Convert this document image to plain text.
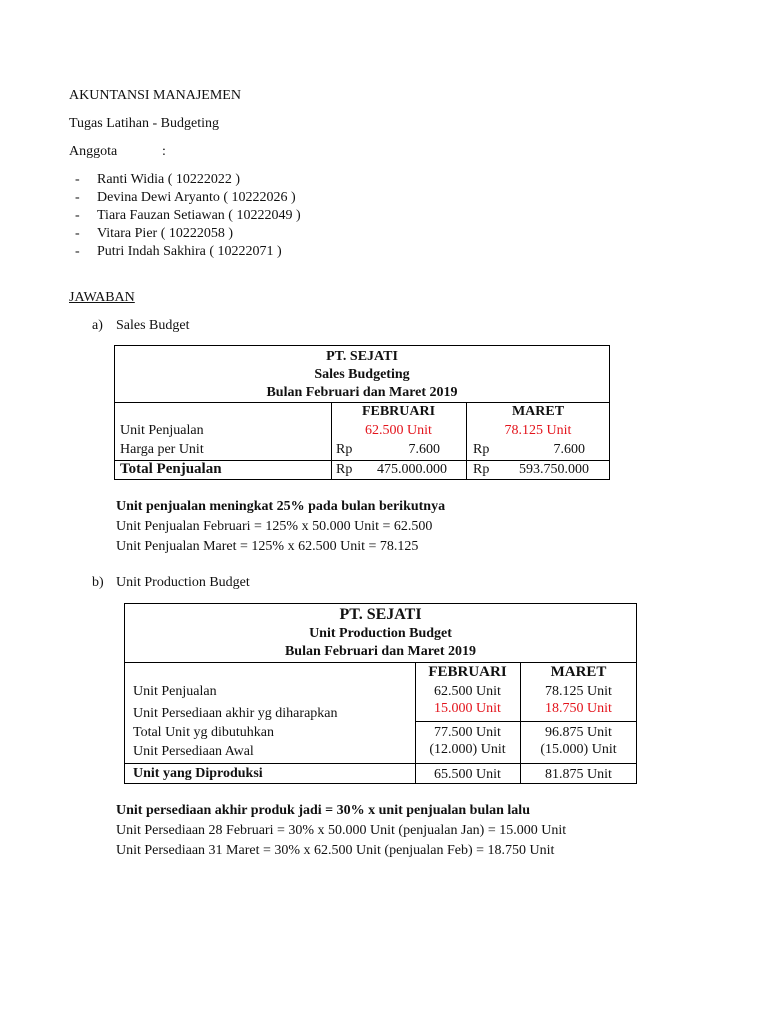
AKUNTANSI MANAJEMEN
Tugas Latihan - Budgeting
Anggota	:
- Ranti Widia ( 10222022 )
- Devina Dewi Aryanto ( 10222026 )
- Tiara Fauzan Setiawan ( 10222049 )
- Vitara Pier ( 10222058 )
- Putri Indah Sakhira ( 10222071 )
JAWABAN
a) Sales Budget
PT. SEJATI
Sales Budgeting
Bulan Februari dan Maret 2019
FEBRUARI	MARET
Unit Penjualan	62.500 Unit	78.125 Unit
Harga per Unit	Rp	7.600 Rp	7.600
Total Penjualan	Rp	475.000.000 Rp	593.750.000
Unit penjualan meningkat 25% pada bulan berikutnya
Unit Penjualan Februari = 125% x 50.000 Unit = 62.500
Unit Penjualan Maret = 125% x 62.500 Unit = 78.125
b) Unit Production Budget
PT. SEJATI
Unit Production Budget
Bulan Februari dan Maret 2019
FEBRUARI	MARET
Unit Penjualan	62.500 Unit	78.125 Unit
Unit Persediaan akhir yg diharapkan	15.000 Unit	18.750 Unit
Total Unit yg dibutuhkan	77.500 Unit	96.875 Unit
Unit Persediaan Awal	(12.000) Unit	(15.000) Unit
Unit yang Diproduksi	65.500 Unit	81.875 Unit
Unit persediaan akhir produk jadi = 30% x unit penjualan bulan lalu
Unit Persediaan 28 Februari = 30% x 50.000 Unit (penjualan Jan) = 15.000 Unit
Unit Persediaan 31 Maret = 30% x 62.500 Unit (penjualan Feb) = 18.750 Unit
